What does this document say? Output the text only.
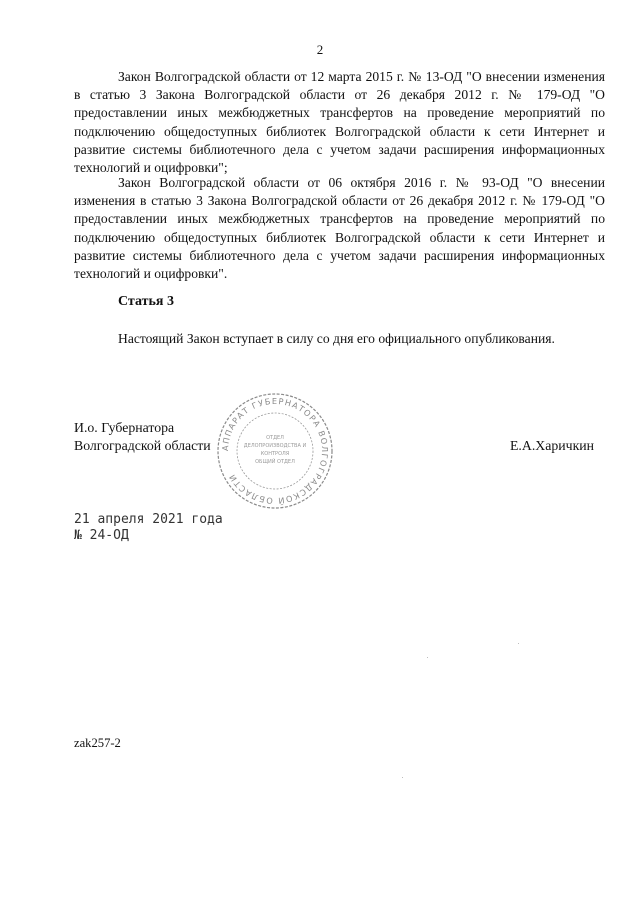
2

Закон Волгоградской области от 12 марта 2015 г. № 13-ОД "О внесении изменения в статью 3 Закона Волгоградской области от 26 декабря 2012 г. № 179-ОД "О предоставлении иных межбюджетных трансфертов на проведение мероприятий по подключению общедоступных библиотек Волгоградской области к сети Интернет и развитие системы библиотечного дела с учетом задачи расширения информационных технологий и оцифровки";

Закон Волгоградской области от 06 октября 2016 г. № 93-ОД "О внесении изменения в статью 3 Закона Волгоградской области от 26 декабря 2012 г. № 179-ОД "О предоставлении иных межбюджетных трансфертов на проведение мероприятий по подключению общедоступных библиотек Волгоградской области к сети Интернет и развитие системы библиотечного дела с учетом задачи расширения информационных технологий и оцифровки".

Статья 3

Настоящий Закон вступает в силу со дня его официального опубликования.

АППАРАТ ГУБЕРНАТОРА ВОЛГОГРАДСКОЙ ОБЛАСТИ
ОТДЕЛ
ДЕЛОПРОИЗВОДСТВА И
КОНТРОЛЯ
ОБЩИЙ ОТДЕЛ
И.о. Губернатора
Волгоградской области	Е.А.Харичкин
21 апреля 2021 года
№ 24-ОД
zak257-2
